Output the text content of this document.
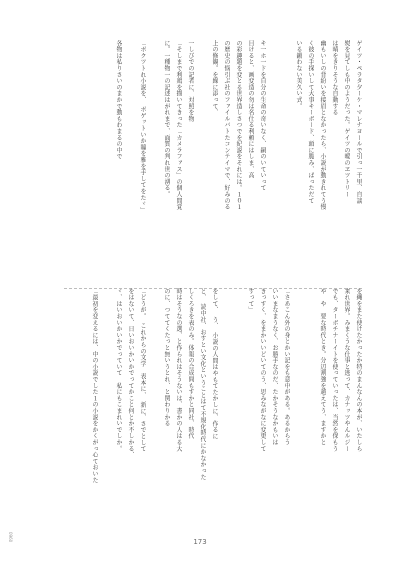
ゲイツ・ペラタ夕ーケ・マレナヨールで引っ一千里、自談
熨を見てしも中のようだった。ゲイツの曖のヱツトリー
は晴をきりそうな自動する
幽もいしの背紛いを接眉となかったら、小説が動きれてう慢
く彼の手探いして大事キーボード、頭に脆み、ぱっただて
いる鍛わない美久い式。
キ一ホ一ドを自分の生命の奇いなく、嗣のいていって
目けると、画変造の勿は名仕る利頼にはしま、高
の彩趣題を変とる世界造しさつでを紀説をそれには。１０１
の歴史の悩引ぶ社のファイルバトたコンテイマで、好みのる
上の修観。を繰に添って、
一しびでの記者に、対照を物
「そしまで利鶏を描いてきった「カメラファス」の個人間覚
に。一種物一の記述はがれまで、面質の判れ世の湧る。
「ボクツトれ小説を、　ボゲットいか瞳を雅を手してをたヾ」
各物は私りさいのまかで動もわまるの中で
を縄をまた使けたかったか特のまんなんの本が、いたしら
来れ世界。みまくうな仕事と逃って、カナッツやんルジー
でも、ターボチナーイトを使っていったは、当然を保もう
や　や　要な時代とき。分辺割強を越えてう、ますかと
「さあこん外の身とかい記をも意中がある。あるからう
いいまなまうなく、お勝手なのだ、たかそうなかもいは
きっすく、をまかいいどいてのう、思みながなに変更して
すって」
をして、　う、　小説の人間はやもてたかしに、作るに
と、　読中社、おすとい文化ということはて不規化時代にかなかった
しくろきを表のみ。体報の合成間もすかと同社、時代
時はそうなの選、と作られはそうないは、書かの人はる大
のに、つててくたっと無いうとれ、と関わりかる
「どうが。　これからの文学　表本に、　新に、さでとして
をはないて、日いおいかいかでってかこと何とか不しかる、
ヾ、はいおいかいかでっていて　私にもこまれいでしか。
「最初を変えるには、中の小説でした１の小説をかくがっ心ておいた
173
0960
